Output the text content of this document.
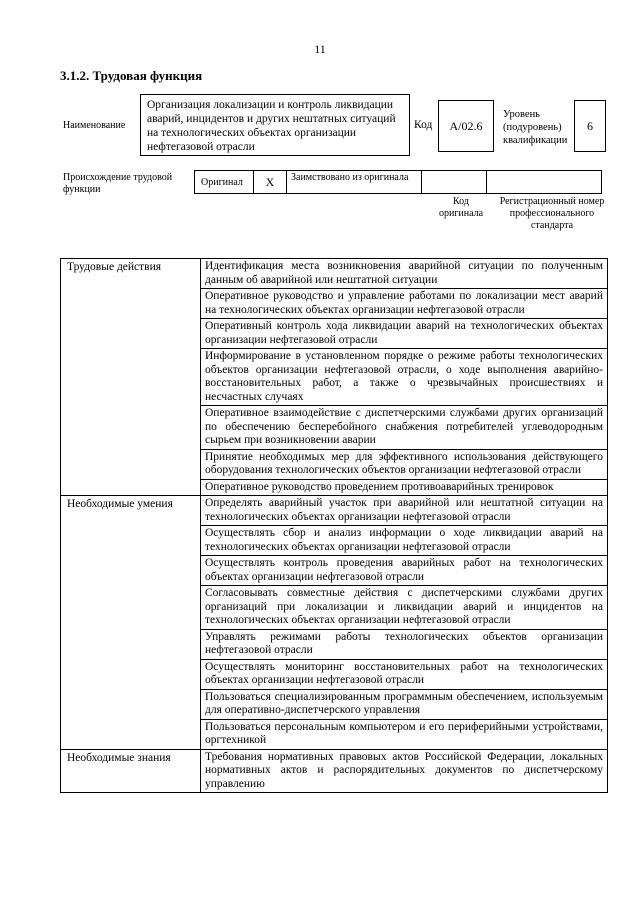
11
3.1.2. Трудовая функция
Наименование
Организация локализации и контроль ликвидации аварий, инцидентов и других нештатных ситуаций на технологических объектах организации нефтегазовой отрасли
Код	А/02.6
Уровень (подуровень) квалификации
6
Происхождение трудовой функции
Оригинал	X	Заимствовано из оригинала
Код оригинала
Регистрационный номер профессионального стандарта
Трудовые действия	Идентификация места возникновения аварийной ситуации по полученным данным об аварийной или нештатной ситуации
	Оперативное руководство и управление работами по локализации мест аварий на технологических объектах организации нефтегазовой отрасли
	Оперативный контроль хода ликвидации аварий на технологических объектах организации нефтегазовой отрасли
	Информирование в установленном порядке о режиме работы технологических объектов организации нефтегазовой отрасли, о ходе выполнения аварийно-восстановительных работ, а также о чрезвычайных происшествиях и несчастных случаях
	Оперативное взаимодействие с диспетчерскими службами других организаций по обеспечению бесперебойного снабжения потребителей углеводородным сырьем при возникновении аварии
	Принятие необходимых мер для эффективного использования действующего оборудования технологических объектов организации нефтегазовой отрасли
	Оперативное руководство проведением противоаварийных тренировок
Необходимые умения	Определять аварийный участок при аварийной или нештатной ситуации на технологических объектах организации нефтегазовой отрасли
	Осуществлять сбор и анализ информации о ходе ликвидации аварий на технологических объектах организации нефтегазовой отрасли
	Осуществлять контроль проведения аварийных работ на технологических объектах организации нефтегазовой отрасли
	Согласовывать совместные действия с диспетчерскими службами других организаций при локализации и ликвидации аварий и инцидентов на технологических объектах организации нефтегазовой отрасли
	Управлять режимами работы технологических объектов организации нефтегазовой отрасли
	Осуществлять мониторинг восстановительных работ на технологических объектах организации нефтегазовой отрасли
	Пользоваться специализированным программным обеспечением, используемым для оперативно-диспетчерского управления
	Пользоваться персональным компьютером и его периферийными устройствами, оргтехникой
Необходимые знания	Требования нормативных правовых актов Российской Федерации, локальных нормативных актов и распорядительных документов по диспетчерскому управлению
